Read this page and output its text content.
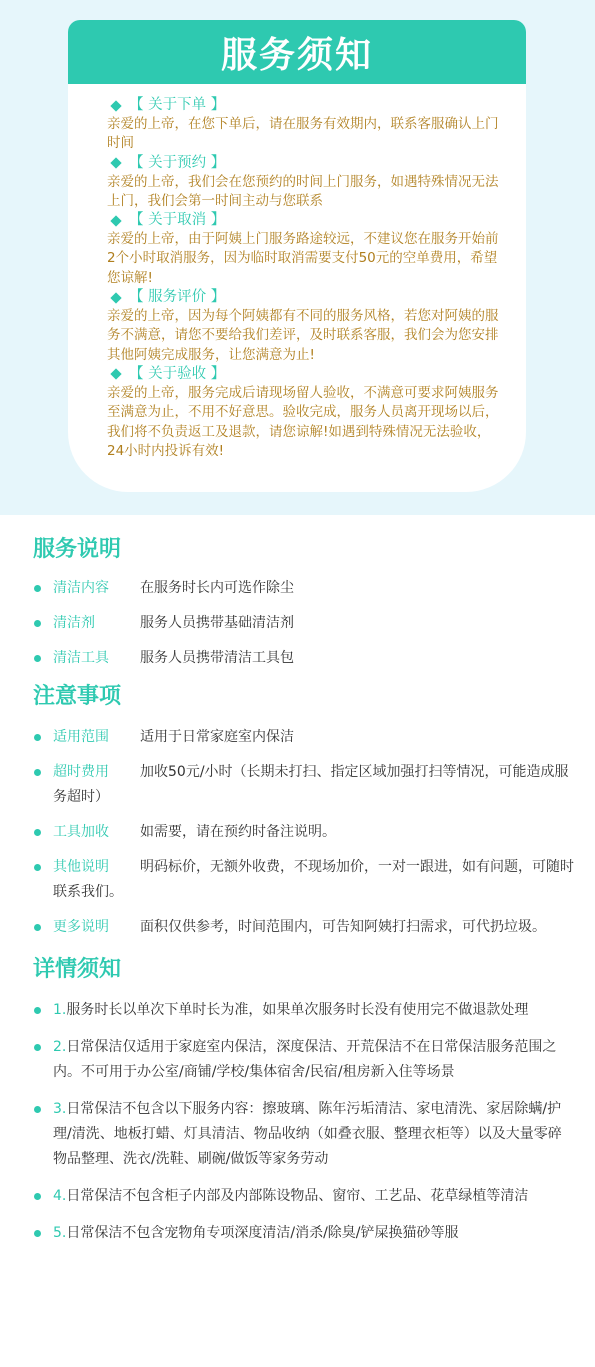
服务须知
【 关于下单 】
亲爱的上帝，在您下单后，请在服务有效期内，联系客服确认上门时间
【 关于预约 】
亲爱的上帝，我们会在您预约的时间上门服务，如遇特殊情况无法上门，我们会第一时间主动与您联系
【 关于取消 】
亲爱的上帝，由于阿姨上门服务路途较远，不建议您在服务开始前2个小时取消服务，因为临时取消需要支付50元的空单费用，希望您谅解!
【 服务评价 】
亲爱的上帝，因为每个阿姨都有不同的服务风格，若您对阿姨的服务不满意，请您不要给我们差评，及时联系客服，我们会为您安排其他阿姨完成服务，让您满意为止!
【 关于验收 】
亲爱的上帝，服务完成后请现场留人验收，不满意可要求阿姨服务至满意为止，不用不好意思。验收完成，服务人员离开现场以后，我们将不负责返工及退款，请您谅解!如遇到特殊情况无法验收，24小时内投诉有效!
服务说明
清洁内容 在服务时长内可选作除尘
清洁剂	服务人员携带基础清洁剂
清洁工具 服务人员携带清洁工具包
注意事项
适用范围 适用于日常家庭室内保洁
超时费用 加收50元/小时（长期未打扫、指定区域加强打扫等情况，可能造成服务超时）
工具加收 如需要，请在预约时备注说明。
其他说明 明码标价，无额外收费，不现场加价，一对一跟进，如有问题，可随时联系我们。
更多说明 面积仅供参考，时间范围内，可告知阿姨打扫需求，可代扔垃圾。
详情须知
1.服务时长以单次下单时长为准，如果单次服务时长没有使用完不做退款处理
2.日常保洁仅适用于家庭室内保洁，深度保洁、开荒保洁不在日常保洁服务范围之内。不可用于办公室/商铺/学校/集体宿舍/民宿/租房新入住等场景
3.日常保洁不包含以下服务内容：擦玻璃、陈年污垢清洁、家电清洗、家居除螨/护理/清洗、地板打蜡、灯具清洁、物品收纳（如叠衣服、整理衣柜等）以及大量零碎物品整理、洗衣/洗鞋、刷碗/做饭等家务劳动
4.日常保洁不包含柜子内部及内部陈设物品、窗帘、工艺品、花草绿植等清洁
5.日常保洁不包含宠物角专项深度清洁/消杀/除臭/铲屎换猫砂等服
